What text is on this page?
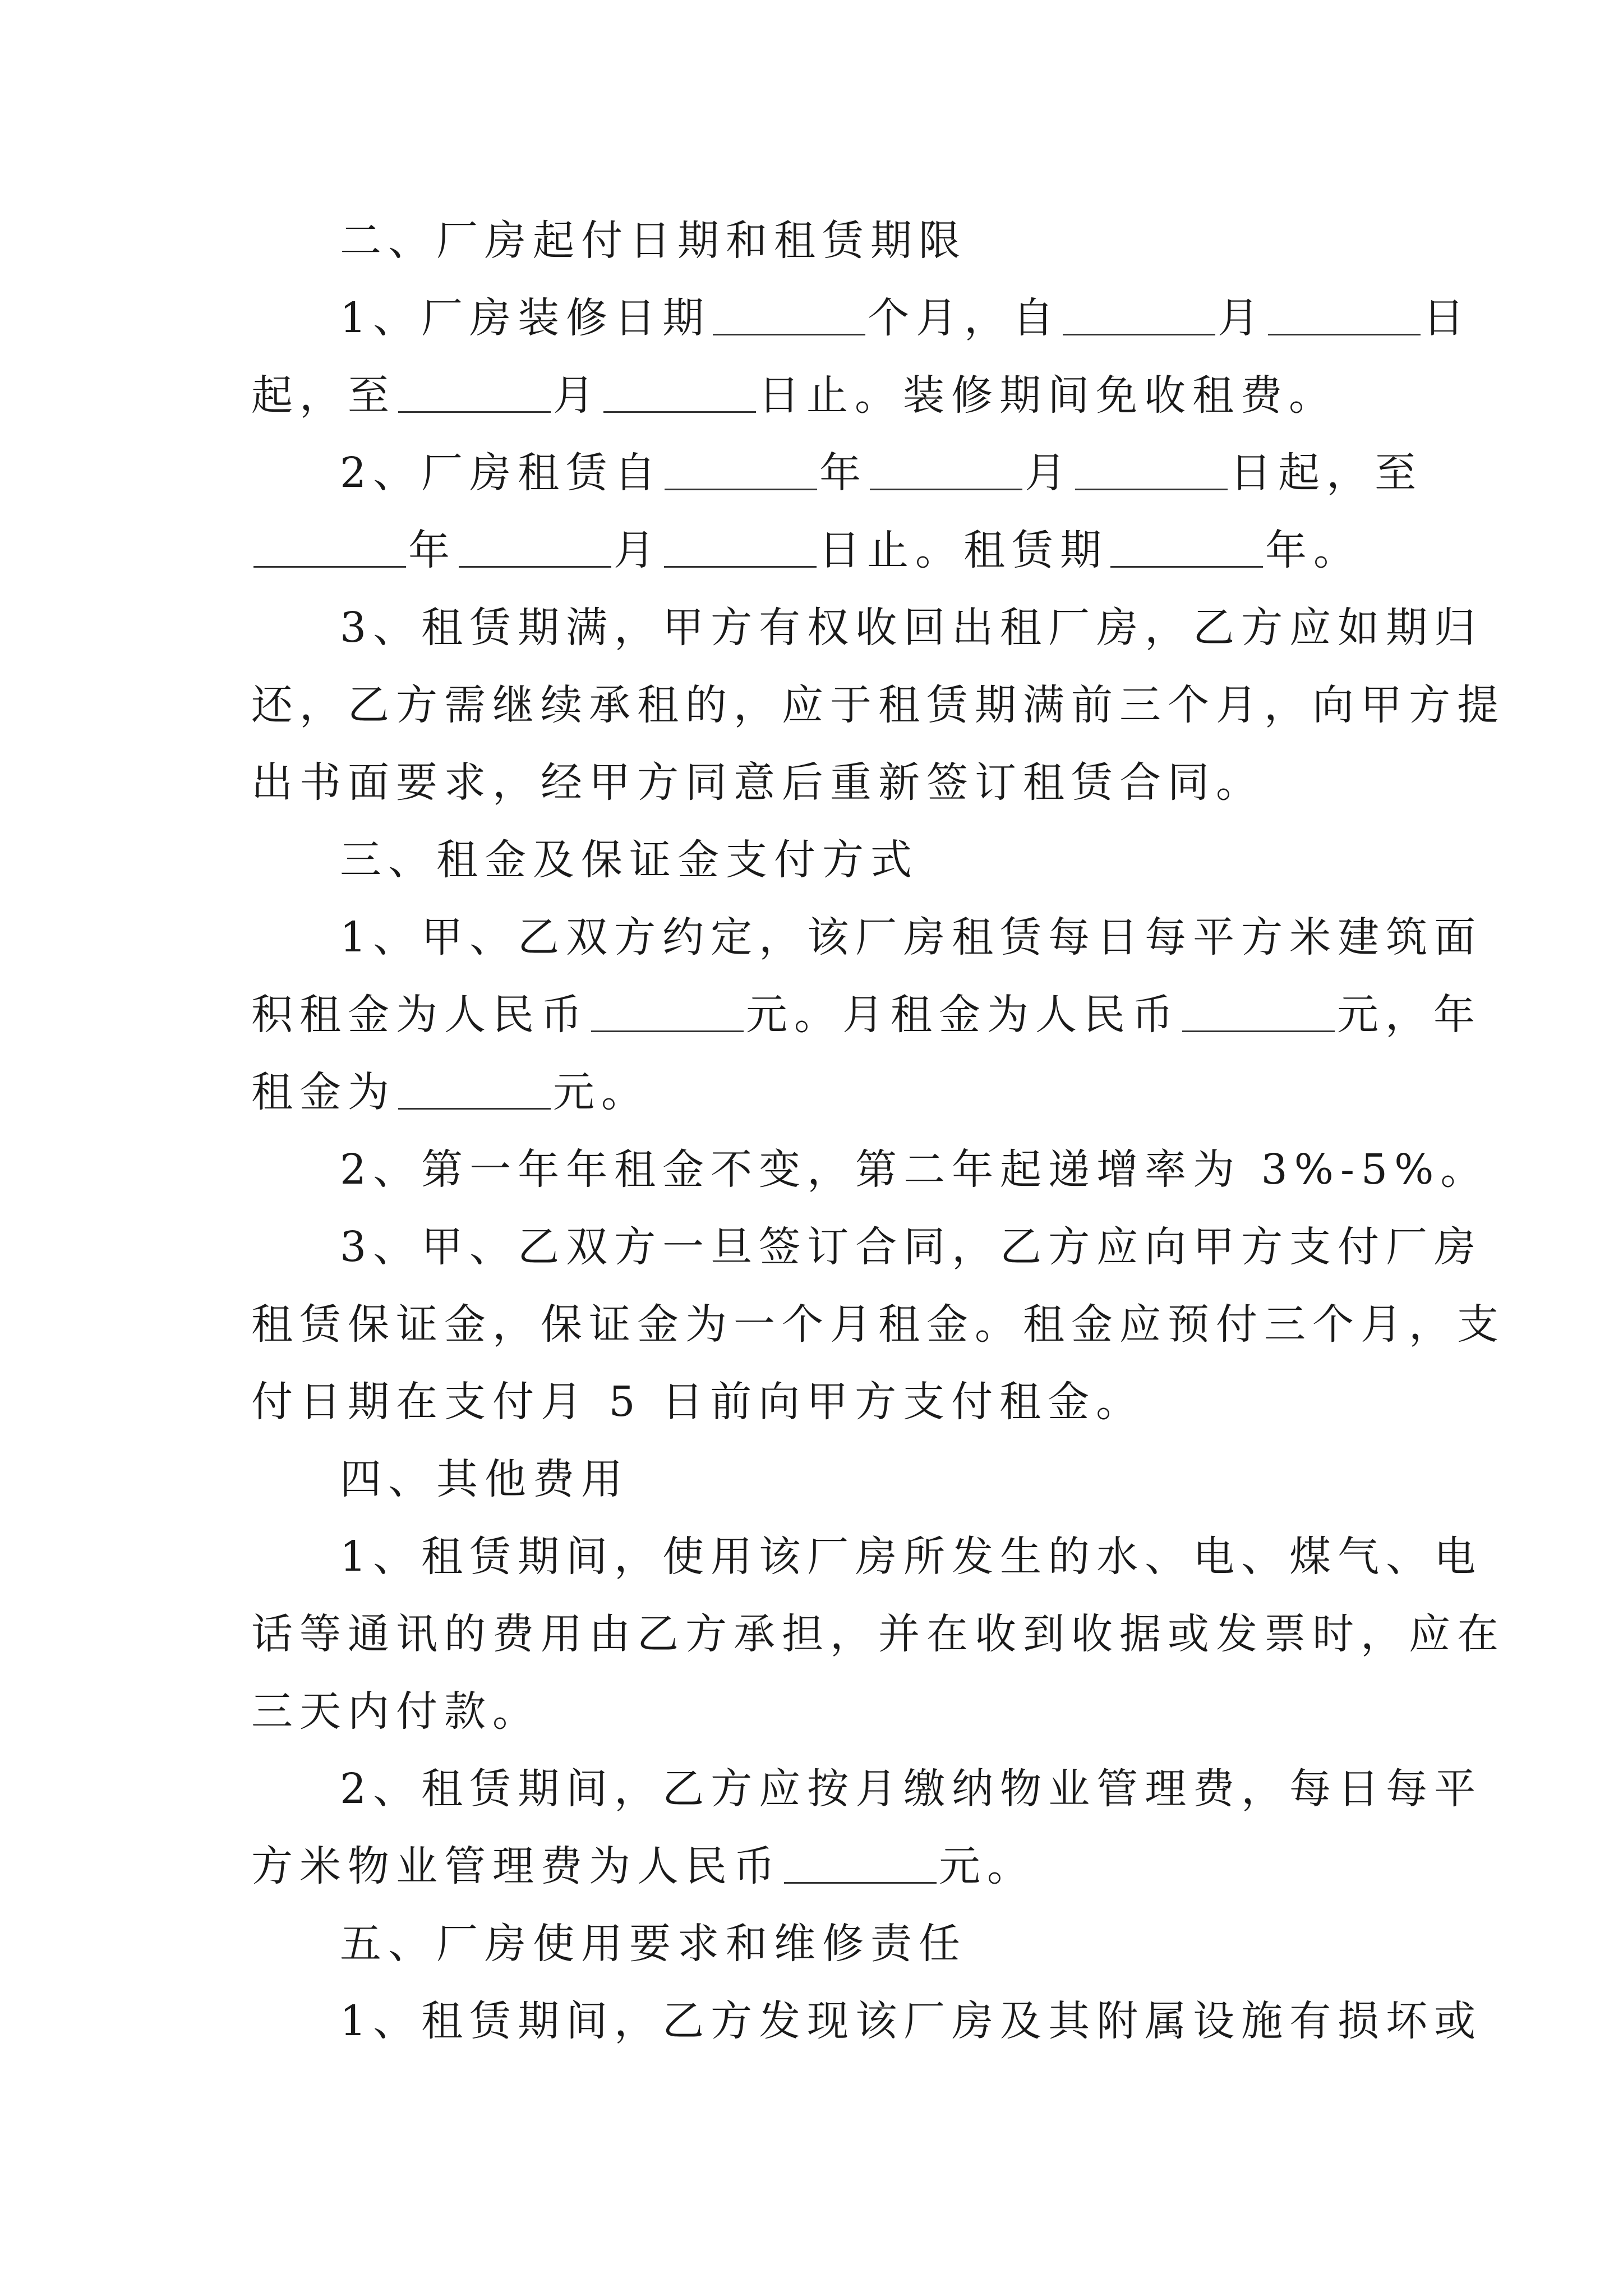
二、厂房起付日期和租赁期限
1、厂房装修日期	个月，自	月	日
起，至	月	日止。装修期间免收租费。
2、厂房租赁自	年	月	日起，至
年	月	日止。租赁期	年。
3、租赁期满，甲方有权收回出租厂房，乙方应如期归
还，乙方需继续承租的，应于租赁期满前三个月，向甲方提
出书面要求，经甲方同意后重新签订租赁合同。
三、租金及保证金支付方式
1、甲、乙双方约定，该厂房租赁每日每平方米建筑面
积租金为人民币	元。月租金为人民币	元，年
租金为	元。
2、第一年年租金不变，第二年起递增率为 3%-5%。
3、甲、乙双方一旦签订合同，乙方应向甲方支付厂房
租赁保证金，保证金为一个月租金。租金应预付三个月，支
付日期在支付月 5 日前向甲方支付租金。
四、其他费用
1、租赁期间，使用该厂房所发生的水、电、煤气、电
话等通讯的费用由乙方承担，并在收到收据或发票时，应在
三天内付款。
2、租赁期间，乙方应按月缴纳物业管理费，每日每平
方米物业管理费为人民币	元。
五、厂房使用要求和维修责任
1、租赁期间，乙方发现该厂房及其附属设施有损坏或
